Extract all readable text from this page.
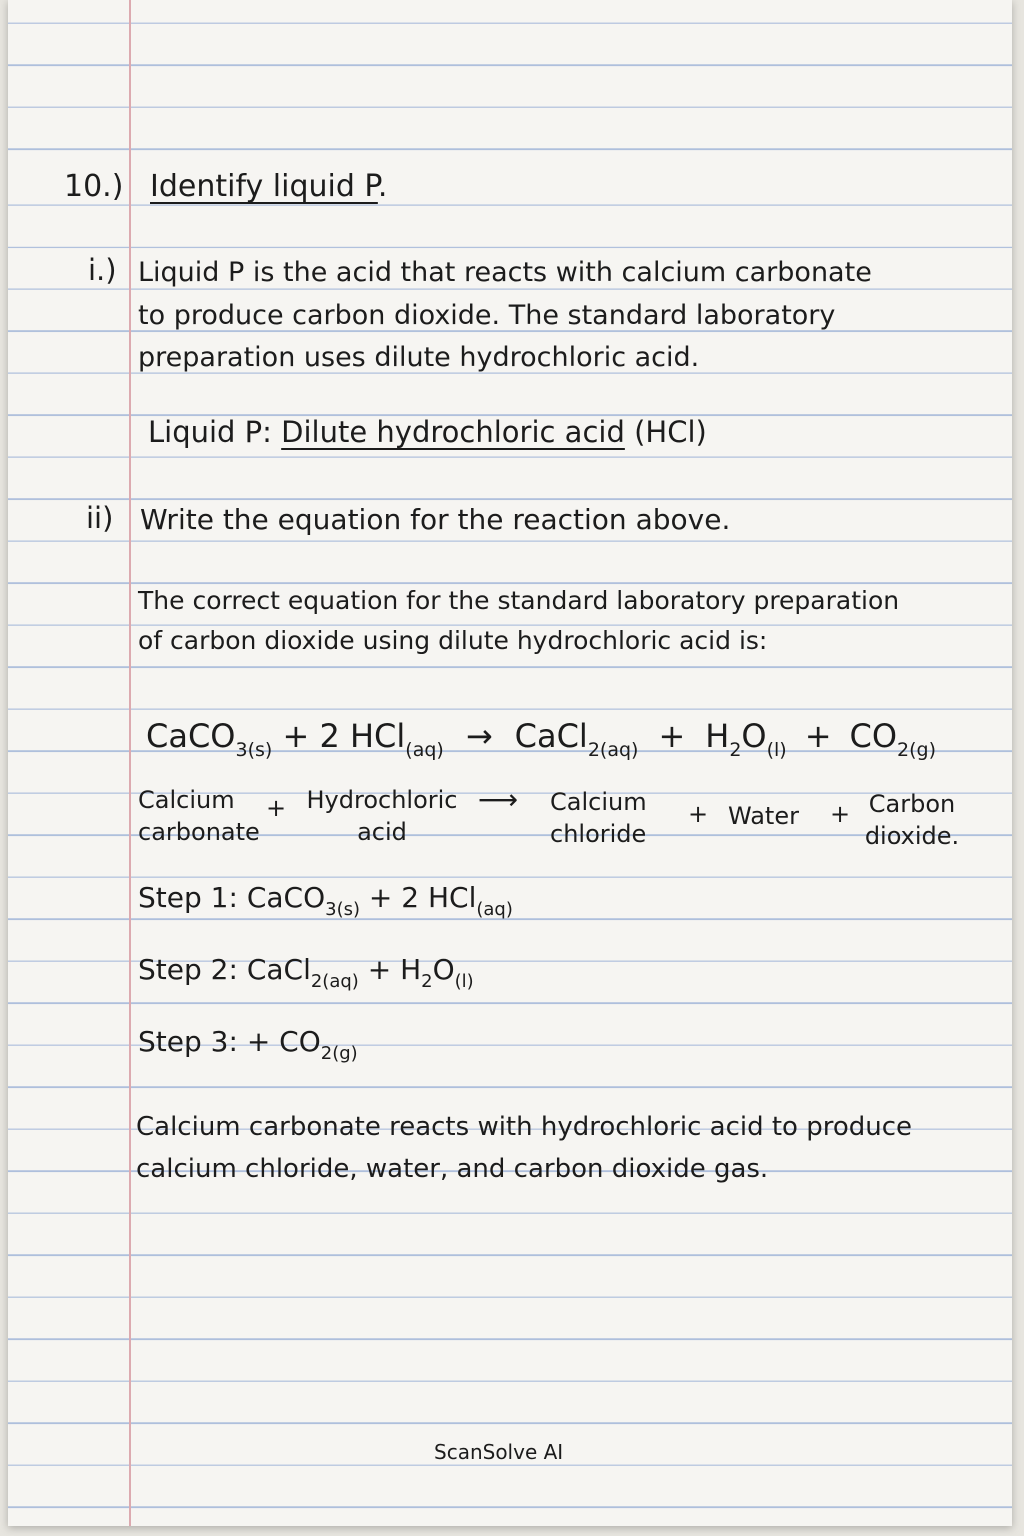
10.) Identify liquid P.
i.) Liquid P is the acid that reacts with calcium carbonate
to produce carbon dioxide. The standard laboratory
preparation uses dilute hydrochloric acid.
Liquid P: Dilute hydrochloric acid (HCl)
ii) Write the equation for the reaction above.
The correct equation for the standard laboratory preparation
of carbon dioxide using dilute hydrochloric acid is:
CaCO$_{3(s)}$ + 2 HCl$_{(aq)}$ → CaCl$_{2(aq)}$ + $H_2O_{(l)} + CO_{2(g)}$
Calcium
carbonate
+ Hydrochloric
acid
⟶ Calcium
chloride
+ Water + Carbon
dioxide.
Step 1: CaCO$_{3(s)}$ + 2 HCl$_{(aq)}$
Step 2: CaCl$_{2(aq)}$ + $H_2O_{(l)}$
Step 3: + $CO_{2(g)}$
Calcium carbonate reacts with hydrochloric acid to produce
calcium chloride, water, and carbon dioxide gas.
ScanSolve AI
